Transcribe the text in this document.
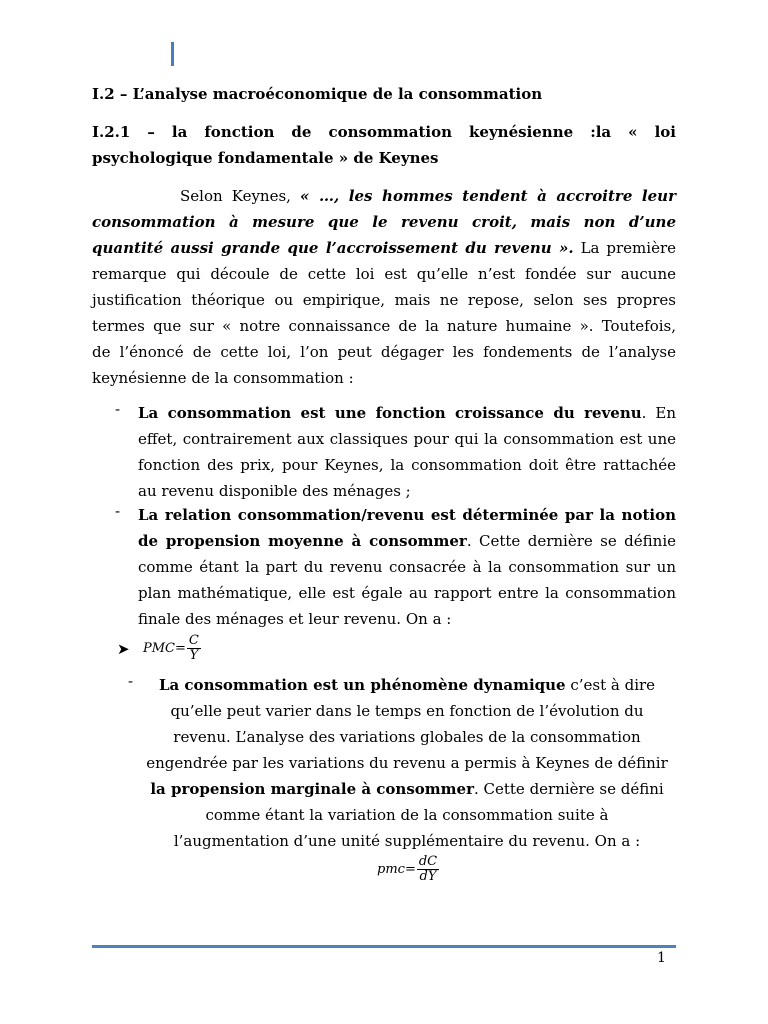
I.2 – L’analyse macroéconomique de la consommation
I.2.1 – la fonction de consommation keynésienne :la « loi
psychologique fondamentale » de Keynes
Selon Keynes, « …, les hommes tendent à accroitre leur
consommation à mesure que le revenu croit, mais non d’une
quantité aussi grande que l’accroissement du revenu ». La première
remarque qui découle de cette loi est qu’elle n’est fondée sur aucune
justification théorique ou empirique, mais ne repose, selon ses propres
termes que sur « notre connaissance de la nature humaine ». Toutefois,
de l’énoncé de cette loi, l’on peut dégager les fondements de l’analyse
keynésienne de la consommation :
- La consommation est une fonction croissance du revenu. En effet, contrairement aux classiques pour qui la consommation est une fonction des prix, pour Keynes, la consommation doit être rattachée au revenu disponible des ménages ;
- La relation consommation/revenu est déterminée par la notion de propension moyenne à consommer. Cette dernière se définie comme étant la part du revenu consacrée à la consommation sur un plan mathématique, elle est égale au rapport entre la consommation finale des ménages et leur revenu. On a :
➤ $PMC= \frac{C}{Y}$
-	La consommation est un phénomène dynamique c’est à dire
qu’elle peut varier dans le temps en fonction de l’évolution du
revenu. L’analyse des variations globales de la consommation
engendrée par les variations du revenu a permis à Keynes de définir
la propension marginale à consommer. Cette dernière se défini
comme étant la variation de la consommation suite à
l’augmentation d’une unité supplémentaire du revenu. On a :
$pmc= \frac{dC}{dY}$
1
